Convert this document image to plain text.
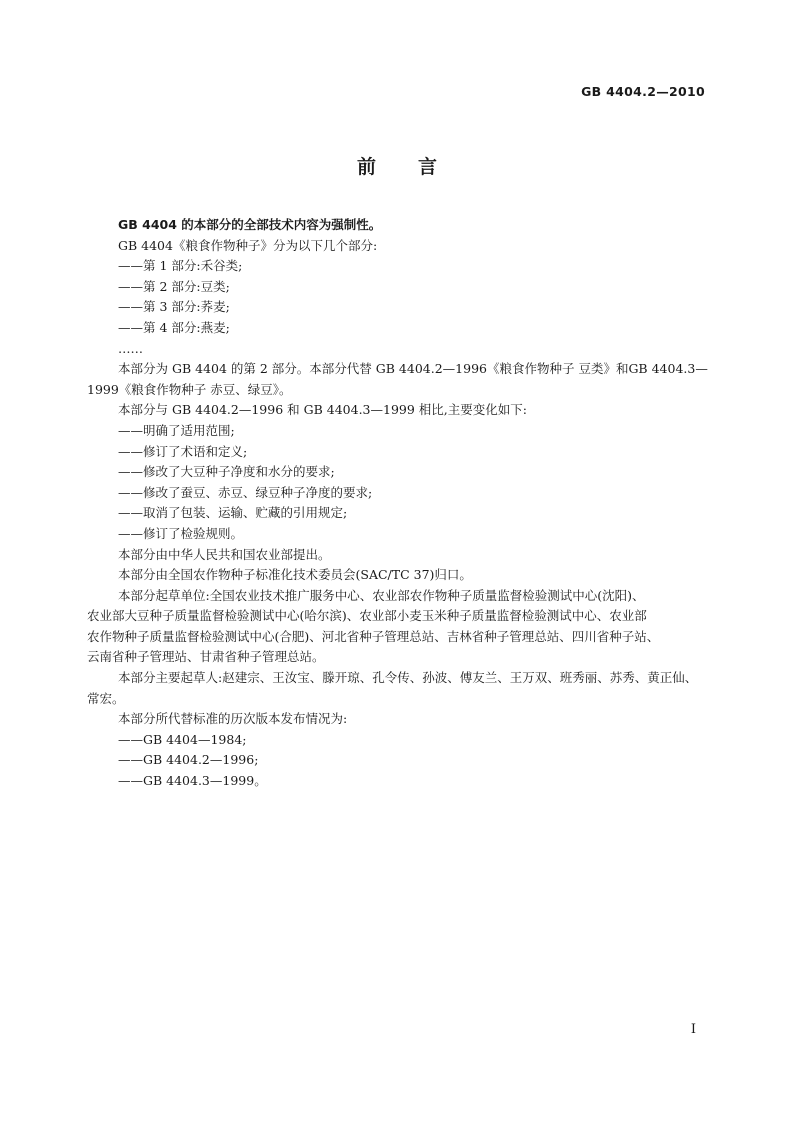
GB 4404.2—2010
前言

GB 4404 的本部分的全部技术内容为强制性。

GB 4404《粮食作物种子》分为以下几个部分:

——第 1 部分:禾谷类;

——第 2 部分:豆类;

——第 3 部分:荞麦;

——第 4 部分:燕麦;

……

本部分为 GB 4404 的第 2 部分。本部分代替 GB 4404.2—1996《粮食作物种子 豆类》和GB 4404.3—

1999《粮食作物种子 赤豆、绿豆》。

本部分与 GB 4404.2—1996 和 GB 4404.3—1999 相比,主要变化如下:

——明确了适用范围;

——修订了术语和定义;

——修改了大豆种子净度和水分的要求;

——修改了蚕豆、赤豆、绿豆种子净度的要求;

——取消了包装、运输、贮藏的引用规定;

——修订了检验规则。

本部分由中华人民共和国农业部提出。

本部分由全国农作物种子标准化技术委员会(SAC/TC 37)归口。

本部分起草单位:全国农业技术推广服务中心、农业部农作物种子质量监督检验测试中心(沈阳)、

农业部大豆种子质量监督检验测试中心(哈尔滨)、农业部小麦玉米种子质量监督检验测试中心、农业部

农作物种子质量监督检验测试中心(合肥)、河北省种子管理总站、吉林省种子管理总站、四川省种子站、

云南省种子管理站、甘肃省种子管理总站。

本部分主要起草人:赵建宗、王汝宝、滕开琼、孔令传、孙波、傅友兰、王万双、班秀丽、苏秀、黄正仙、

常宏。

本部分所代替标准的历次版本发布情况为:

——GB 4404—1984;

——GB 4404.2—1996;

——GB 4404.3—1999。

I
